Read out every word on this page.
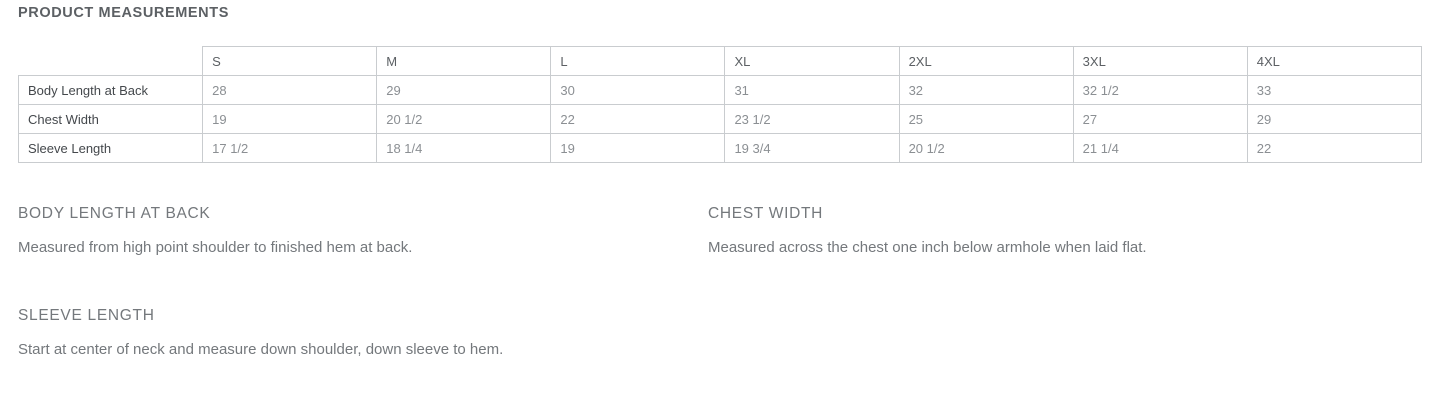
PRODUCT MEASUREMENTS
	S	M	L	XL	2XL	3XL	4XL
Body Length at Back	28	29	30	31	32	32 1/2	33
Chest Width	19	20 1/2	22	23 1/2	25	27	29
Sleeve Length	17 1/2	18 1/4	19	19 3/4	20 1/2	21 1/4	22

BODY LENGTH AT BACK

Measured from high point shoulder to finished hem at back.

CHEST WIDTH

Measured across the chest one inch below armhole when laid flat.

SLEEVE LENGTH

Start at center of neck and measure down shoulder, down sleeve to hem.
